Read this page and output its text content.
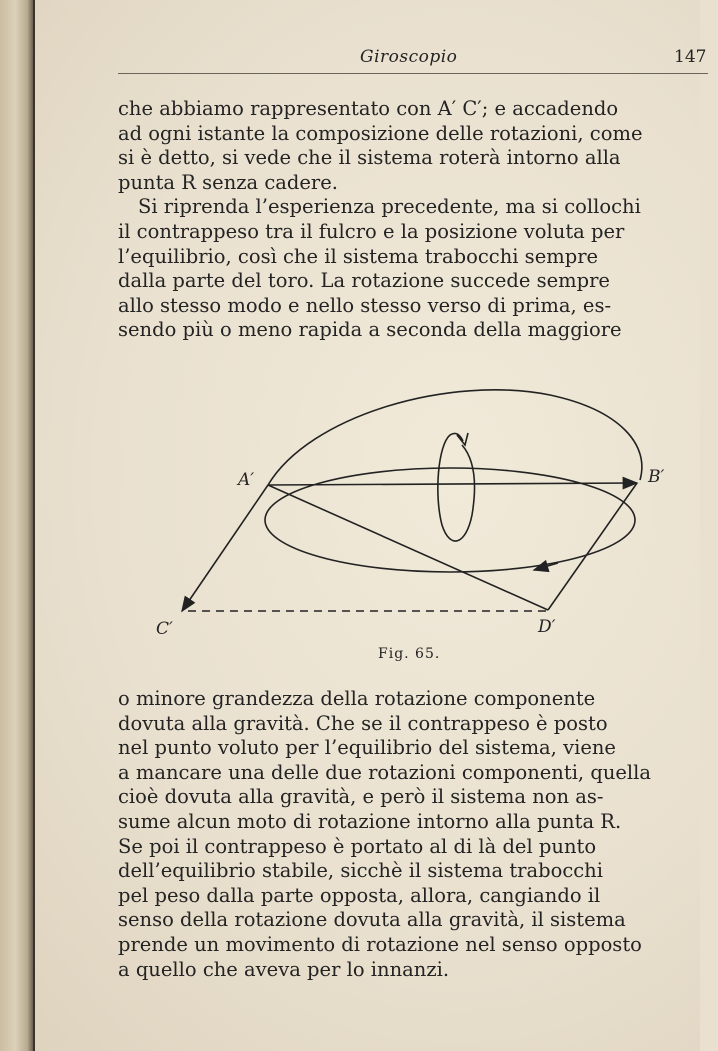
Giroscopio	147
che abbiamo rappresentato con A′ C′; e accadendo
ad ogni istante la composizione delle rotazioni, come
si è detto, si vede che il sistema roterà intorno alla
punta R senza cadere.
Si riprenda l’esperienza precedente, ma si collochi
il contrappeso tra il fulcro e la posizione voluta per
l’equilibrio, così che il sistema trabocchi sempre
dalla parte del toro. La rotazione succede sempre
allo stesso modo e nello stesso verso di prima, es-
sendo più o meno rapida a seconda della maggiore
A′	B′
C′	D′
Fig. 65.
o minore grandezza della rotazione componente
dovuta alla gravità. Che se il contrappeso è posto
nel punto voluto per l’equilibrio del sistema, viene
a mancare una delle due rotazioni componenti, quella
cioè dovuta alla gravità, e però il sistema non as-
sume alcun moto di rotazione intorno alla punta R.
Se poi il contrappeso è portato al di là del punto
dell’equilibrio stabile, sicchè il sistema trabocchi
pel peso dalla parte opposta, allora, cangiando il
senso della rotazione dovuta alla gravità, il sistema
prende un movimento di rotazione nel senso opposto
a quello che aveva per lo innanzi.
